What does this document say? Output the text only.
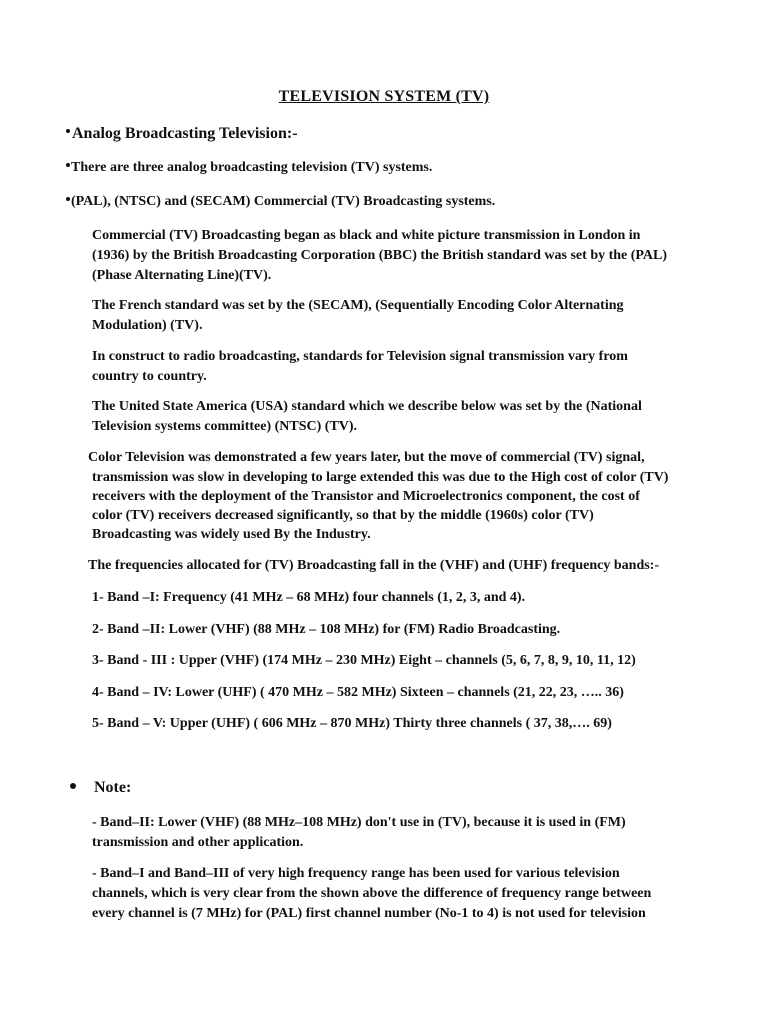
TELEVISION SYSTEM (TV)
Analog Broadcasting Television:-
There are three analog broadcasting television (TV) systems.
(PAL), (NTSC) and (SECAM) Commercial (TV) Broadcasting systems.
Commercial (TV) Broadcasting began as black and white picture transmission in London in
(1936) by the British Broadcasting Corporation (BBC) the British standard was set by the (PAL)
(Phase Alternating Line)(TV).
The French standard was set by the (SECAM), (Sequentially Encoding Color Alternating
Modulation) (TV).
In construct to radio broadcasting, standards for Television signal transmission vary from
country to country.
The United State America (USA) standard which we describe below was set by the (National
Television systems committee) (NTSC) (TV).
Color Television was demonstrated a few years later, but the move of commercial (TV) signal,
transmission was slow in developing to large extended this was due to the High cost of color (TV)
receivers with the deployment of the Transistor and Microelectronics component, the cost of
color (TV) receivers decreased significantly, so that by the middle (1960s) color (TV)
Broadcasting was widely used By the Industry.
The frequencies allocated for (TV) Broadcasting fall in the (VHF) and (UHF) frequency bands:-
1- Band –I: Frequency (41 MHz – 68 MHz) four channels (1, 2, 3, and 4).
2- Band –II: Lower (VHF) (88 MHz – 108 MHz) for (FM) Radio Broadcasting.
3- Band - III : Upper (VHF) (174 MHz – 230 MHz) Eight – channels (5, 6, 7, 8, 9, 10, 11, 12)
4- Band – IV: Lower (UHF) ( 470 MHz – 582 MHz) Sixteen – channels (21, 22, 23, ….. 36)
5- Band – V: Upper (UHF) ( 606 MHz – 870 MHz) Thirty three channels ( 37, 38,…. 69)
Note:
- Band–II: Lower (VHF) (88 MHz–108 MHz) don't use in (TV), because it is used in (FM)
transmission and other application.
- Band–I and Band–III of very high frequency range has been used for various television
channels, which is very clear from the shown above the difference of frequency range between
every channel is (7 MHz) for (PAL) first channel number (No-1 to 4) is not used for television
